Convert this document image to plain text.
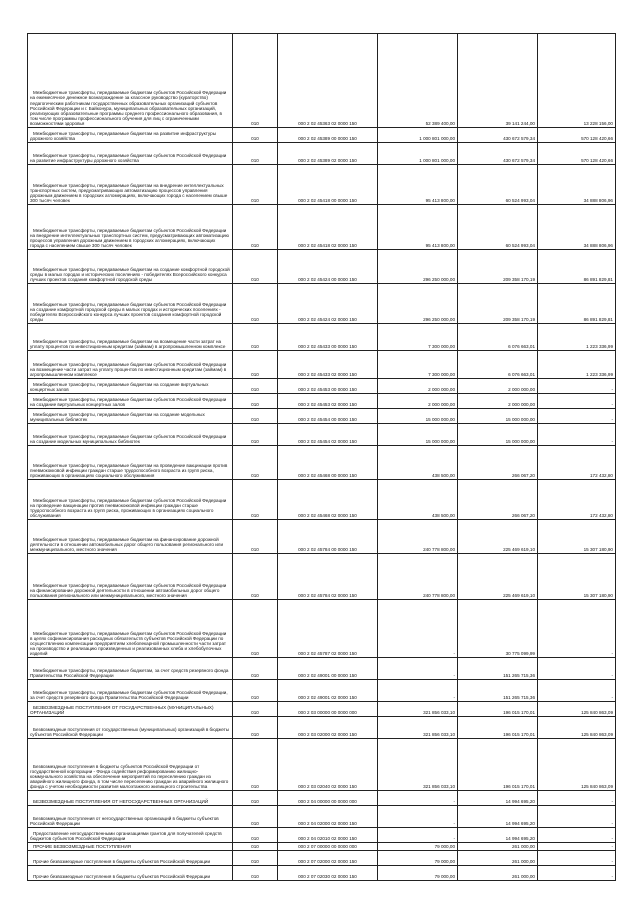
Межбюджетные трансферты, передаваемые бюджетам субъектов Российской Федерации на ежемесячное денежное вознаграждение за классное руководство (кураторство) педагогическим работникам государственных образовательных организаций субъектов Российской Федерации и г. Байконура, муниципальных образовательных организаций, реализующих образовательные программы среднего профессионального образования, в том числе программы профессионального обучения для лиц с ограниченными возможностями здоровья	010	000 2 02 45363 02 0000 150	52 389 400,00	39 141 244,00	13 228 156,00

Межбюджетные трансферты, передаваемые бюджетам на развитие инфраструктуры дорожного хозяйства	010	000 2 02 45389 00 0000 150	1 000 801 000,00	430 672 579,34	570 128 420,66

Межбюджетные трансферты, передаваемые бюджетам субъектов Российской Федерации на развитие инфраструктуры дорожного хозяйства	010	000 2 02 45389 02 0000 150	1 000 801 000,00	430 672 579,34	570 128 420,66

Межбюджетные трансферты, передаваемые бюджетам на внедрение интеллектуальных транспортных систем, предусматривающих автоматизацию процессов управления дорожным движением в городских агломерациях, включающих города с населением свыше 300 тысяч человек	010	000 2 02 45418 00 0000 150	95 413 800,00	60 524 993,04	34 888 806,96

Межбюджетные трансферты, передаваемые бюджетам субъектов Российской Федерации на внедрение интеллектуальных транспортных систем, предусматривающих автоматизацию процессов управления дорожным движением в городских агломерациях, включающих города с населением свыше 300 тысяч человек	010	000 2 02 45418 02 0000 150	95 413 800,00	60 524 993,04	34 888 806,96

Межбюджетные трансферты, передаваемые бюджетам на создание комфортной городской среды в малых городах и исторических поселениях - победителях Всероссийского конкурса лучших проектов создания комфортной городской среды	010	000 2 02 45424 00 0000 150	296 250 000,00	209 358 170,19	86 891 829,81

Межбюджетные трансферты, передаваемые бюджетам субъектов Российской Федерации на создание комфортной городской среды в малых городах и исторических поселениях - победителях Всероссийского конкурса лучших проектов создания комфортной городской среды	010	000 2 02 45424 02 0000 150	296 250 000,00	209 358 170,19	86 891 829,81

Межбюджетные трансферты, передаваемые бюджетам на возмещение части затрат на уплату процентов по инвестиционным кредитам (займам) в агропромышленном комплексе	010	000 2 02 45433 00 0000 150	7 300 000,00	6 076 663,01	1 223 336,99

Межбюджетные трансферты, передаваемые бюджетам субъектов Российской Федерации на возмещение части затрат на уплату процентов по инвестиционным кредитам (займам) в агропромышленном комплексе	010	000 2 02 45433 02 0000 150	7 300 000,00	6 076 663,01	1 223 336,99

Межбюджетные трансферты, передаваемые бюджетам на создание виртуальных концертных залов	010	000 2 02 45453 00 0000 150	2 000 000,00	2 000 000,00	-

Межбюджетные трансферты, передаваемые бюджетам субъектов Российской Федерации на создание виртуальных концертных залов	010	000 2 02 45453 02 0000 150	2 000 000,00	2 000 000,00	-

Межбюджетные трансферты, передаваемые бюджетам на создание модельных муниципальных библиотек	010	000 2 02 45454 00 0000 150	15 000 000,00	15 000 000,00	-

Межбюджетные трансферты, передаваемые бюджетам субъектов Российской Федерации на создание модельных муниципальных библиотек	010	000 2 02 45454 02 0000 150	15 000 000,00	15 000 000,00	-

Межбюджетные трансферты, передаваемые бюджетам на проведение вакцинации против пневмококковой инфекции граждан старше трудоспособного возраста из групп риска, проживающих в организациях социального обслуживания	010	000 2 02 45468 00 0000 150	438 500,00	266 067,20	172 432,80

Межбюджетные трансферты, передаваемые бюджетам субъектов Российской Федерации на проведение вакцинации против пневмококковой инфекции граждан старше трудоспособного возраста из групп риска, проживающих в организациях социального обслуживания	010	000 2 02 45468 02 0000 150	438 500,00	266 067,20	172 432,80

Межбюджетные трансферты, передаваемые бюджетам на финансирование дорожной деятельности в отношении автомобильных дорог общего пользования регионального или межмуниципального, местного значения	010	000 2 02 45784 00 0000 150	240 778 800,00	225 469 619,10	15 307 180,90

Межбюджетные трансферты, передаваемые бюджетам субъектов Российской Федерации на финансирование дорожной деятельности в отношении автомобильных дорог общего пользования регионального или межмуниципального, местного значения	010	000 2 02 45784 02 0000 150	240 778 800,00	225 469 619,10	15 307 180,90

Межбюджетные трансферты, передаваемые бюджетам субъектов Российской Федерации в целях софинансирования расходных обязательств субъектов Российской Федерации по осуществлению компенсации предприятиям хлебопекарной промышленности части затрат на производство и реализацию произведенных и реализованных хлеба и хлебобулочных изделий	010	000 2 02 45787 02 0000 150	-	30 775 099,99	-

Межбюджетные трансферты, передаваемые бюджетам, за счет средств резервного фонда Правительства Российской Федерации	010	000 2 02 49001 00 0000 150	-	151 265 715,36	-

Межбюджетные трансферты, передаваемые бюджетам субъектов Российской Федерации, за счет средств резервного фонда Правительства Российской Федерации	010	000 2 02 49001 02 0000 150	-	151 265 715,36	-

БЕЗВОЗМЕЗДНЫЕ ПОСТУПЛЕНИЯ ОТ ГОСУДАРСТВЕННЫХ (МУНИЦИПАЛЬНЫХ) ОРГАНИЗАЦИЙ	010	000 2 03 00000 00 0000 000	321 856 033,10	196 015 170,01	125 840 863,09

Безвозмездные поступления от государственных (муниципальных) организаций в бюджеты субъектов Российской Федерации	010	000 2 03 02000 02 0000 150	321 856 033,10	196 015 170,01	125 840 863,09

Безвозмездные поступления в бюджеты субъектов Российской Федерации от государственной корпорации - Фонда содействия реформированию жилищно-коммунального хозяйства на обеспечение мероприятий по переселению граждан из аварийного жилищного фонда, в том числе переселению граждан из аварийного жилищного фонда с учетом необходимости развития малоэтажного жилищного строительства	010	000 2 03 02040 02 0000 150	321 856 033,10	196 015 170,01	125 840 863,09

БЕЗВОЗМЕЗДНЫЕ ПОСТУПЛЕНИЯ ОТ НЕГОСУДАРСТВЕННЫХ ОРГАНИЗАЦИЙ	010	000 2 04 00000 00 0000 000	-	14 994 695,20	-

Безвозмездные поступления от негосударственных организаций в бюджеты субъектов Российской Федерации	010	000 2 04 02000 02 0000 150	-	14 994 695,20	-

Предоставление негосударственными организациями грантов для получателей средств бюджетов субъектов Российской Федерации	010	000 2 04 02010 02 0000 150	-	14 994 695,20	-

ПРОЧИЕ БЕЗВОЗМЕЗДНЫЕ ПОСТУПЛЕНИЯ	010	000 2 07 00000 00 0000 000	79 000,00	261 000,00	-

Прочие безвозмездные поступления в бюджеты субъектов Российской Федерации	010	000 2 07 02000 02 0000 150	79 000,00	261 000,00	-

Прочие безвозмездные поступления в бюджеты субъектов Российской Федерации	010	000 2 07 02030 02 0000 150	79 000,00	261 000,00	-
